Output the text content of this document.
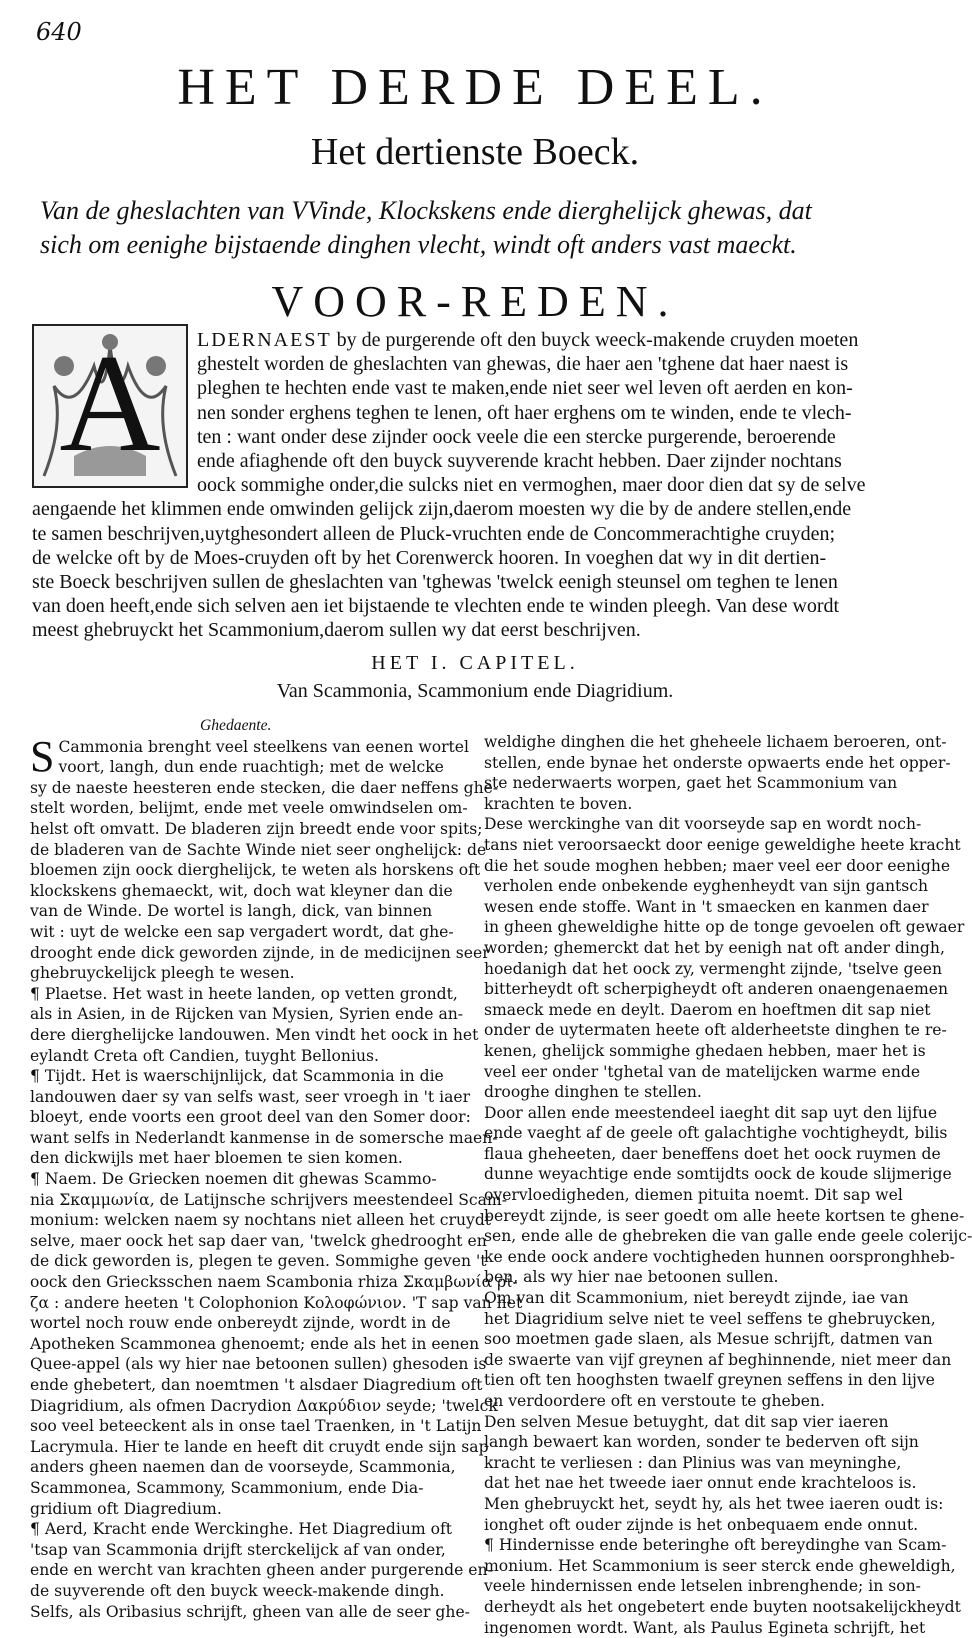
640
HET DERDE DEEL.
Het dertienste Boeck.
Van de gheslachten van VVinde, Klockskens ende dierghelijck ghewas, dat
sich om eenighe bijstaende dinghen vlecht, windt oft anders vast maeckt.
VOOR-REDEN.
A	LDERNAEST by de purgerende oft den buyck weeck-makende cruyden moeten
ghestelt worden de gheslachten van ghewas, die haer aen 'tghene dat haer naest is
pleghen te hechten ende vast te maken,ende niet seer wel leven oft aerden en kon-
nen sonder erghens teghen te lenen, oft haer erghens om te winden, ende te vlech-
ten : want onder dese zijnder oock veele die een stercke purgerende, beroerende
ende afiaghende oft den buyck suyverende kracht hebben. Daer zijnder nochtans
oock sommighe onder,die sulcks niet en vermoghen, maer door dien dat sy de selve
aengaende het klimmen ende omwinden gelijck zijn,daerom moesten wy die by de andere stellen,ende
te samen beschrijven,uytghesondert alleen de Pluck-vruchten ende de Concommerachtighe cruyden;
de welcke oft by de Moes-cruyden oft by het Corenwerck hooren. In voeghen dat wy in dit dertien-
ste Boeck beschrijven sullen de gheslachten van 'tghewas 'twelck eenigh steunsel om teghen te lenen
van doen heeft,ende sich selven aen iet bijstaende te vlechten ende te winden pleegh. Van dese wordt
meest ghebruyckt het Scammonium,daerom sullen wy dat eerst beschrijven.
HET I. CAPITEL.
Van Scammonia, Scammonium ende Diagridium.
Ghedaente.
S Cammonia brenght veel steelkens van eenen wortel
voort, langh, dun ende ruachtigh; met de welcke
sy de naeste heesteren ende stecken, die daer neffens ghe-
stelt worden, belijmt, ende met veele omwindselen om-
helst oft omvatt. De bladeren zijn breedt ende voor spits;
de bladeren van de Sachte Winde niet seer onghelijck: de
bloemen zijn oock dierghelijck, te weten als horskens oft
klockskens ghemaeckt, wit, doch wat kleyner dan die
van de Winde. De wortel is langh, dick, van binnen
wit : uyt de welcke een sap vergadert wordt, dat ghe-
drooght ende dick geworden zijnde, in de medicijnen seer
ghebruyckelijck pleegh te wesen.
¶ Plaetse. Het wast in heete landen, op vetten grondt,
als in Asien, in de Rijcken van Mysien, Syrien ende an-
dere dierghelijcke landouwen. Men vindt het oock in het
eylandt Creta oft Candien, tuyght Bellonius.
¶ Tijdt. Het is waerschijnlijck, dat Scammonia in die
landouwen daer sy van selfs wast, seer vroegh in 't iaer
bloeyt, ende voorts een groot deel van den Somer door:
want selfs in Nederlandt kanmense in de somersche maen-
den dickwijls met haer bloemen te sien komen.
¶ Naem. De Griecken noemen dit ghewas Scammo-
nia Σκαμμωνία, de Latijnsche schrijvers meestendeel Scam-
monium: welcken naem sy nochtans niet alleen het cruydt
selve, maer oock het sap daer van, 'twelck ghedrooght en
de dick geworden is, plegen te geven. Sommighe geven 't
oock den Griecksschen naem Scambonia rhiza Σκαμβωνία ρί-
ζα : andere heeten 't Colophonion Κολοφώνιον. 'T sap van het
wortel noch rouw ende onbereydt zijnde, wordt in de
Apotheken Scammonea ghenoemt; ende als het in eenen
Quee-appel (als wy hier nae betoonen sullen) ghesoden is
ende ghebetert, dan noemtmen 't alsdaer Diagredium oft
Diagridium, als ofmen Dacrydion Δακρύδιον seyde; 'twelck
soo veel beteeckent als in onse tael Traenken, in 't Latijn
Lacrymula. Hier te lande en heeft dit cruydt ende sijn sap
anders gheen naemen dan de voorseyde, Scammonia,
Scammonea, Scammony, Scammonium, ende Dia-
gridium oft Diagredium.
¶ Aerd, Kracht ende Werckinghe. Het Diagredium oft
'tsap van Scammonia drijft sterckelijck af van onder,
ende en wercht van krachten gheen ander purgerende en-
de suyverende oft den buyck weeck-makende dingh.
Selfs, als Oribasius schrijft, gheen van alle de seer ghe-
weldighe dinghen die het gheheele lichaem beroeren, ont-
stellen, ende bynae het onderste opwaerts ende het opper-
ste nederwaerts worpen, gaet het Scammonium van
krachten te boven.
Dese werckinghe van dit voorseyde sap en wordt noch-
tans niet veroorsaeckt door eenige geweldighe heete kracht
die het soude moghen hebben; maer veel eer door eenighe
verholen ende onbekende eyghenheydt van sijn gantsch
wesen ende stoffe. Want in 't smaecken en kanmen daer
in gheen gheweldighe hitte op de tonge gevoelen oft gewaer
worden; ghemerckt dat het by eenigh nat oft ander dingh,
hoedanigh dat het oock zy, vermenght zijnde, 'tselve geen
bitterheydt oft scherpigheydt oft anderen onaengenaemen
smaeck mede en deylt. Daerom en hoeftmen dit sap niet
onder de uytermaten heete oft alderheetste dinghen te re-
kenen, ghelijck sommighe ghedaen hebben, maer het is
veel eer onder 'tghetal van de matelijcken warme ende
drooghe dinghen te stellen.
Door allen ende meestendeel iaeght dit sap uyt den lijfue
ende vaeght af de geele oft galachtighe vochtigheydt, bilis
flaua gheheeten, daer beneffens doet het oock ruymen de
dunne weyachtige ende somtijdts oock de koude slijmerige
overvloedigheden, diemen pituita noemt. Dit sap wel
bereydt zijnde, is seer goedt om alle heete kortsen te ghene-
sen, ende alle de ghebreken die van galle ende geele colerijc-
ke ende oock andere vochtigheden hunnen oorspronghheb-
ben, als wy hier nae betoonen sullen.
Om van dit Scammonium, niet bereydt zijnde, iae van
het Diagridium selve niet te veel seffens te ghebruycken,
soo moetmen gade slaen, als Mesue schrijft, datmen van
de swaerte van vijf greynen af beghinnende, niet meer dan
tien oft ten hooghsten twaelf greynen seffens in den lijve
en verdoordere oft en verstoute te gheben.
Den selven Mesue betuyght, dat dit sap vier iaeren
langh bewaert kan worden, sonder te bederven oft sijn
kracht te verliesen : dan Plinius was van meyninghe,
dat het nae het tweede iaer onnut ende krachteloos is.
Men ghebruyckt het, seydt hy, als het twee iaeren oudt is:
ionghet oft ouder zijnde is het onbequaem ende onnut.
¶ Hindernisse ende beteringhe oft bereydinghe van Scam-
monium. Het Scammonium is seer sterck ende gheweldigh,
veele hindernissen ende letselen inbrenghende; in son-
derheydt als het ongebetert ende buyten nootsakelijckheydt
ingenomen wordt. Want, als Paulus Egineta schrijft, het
